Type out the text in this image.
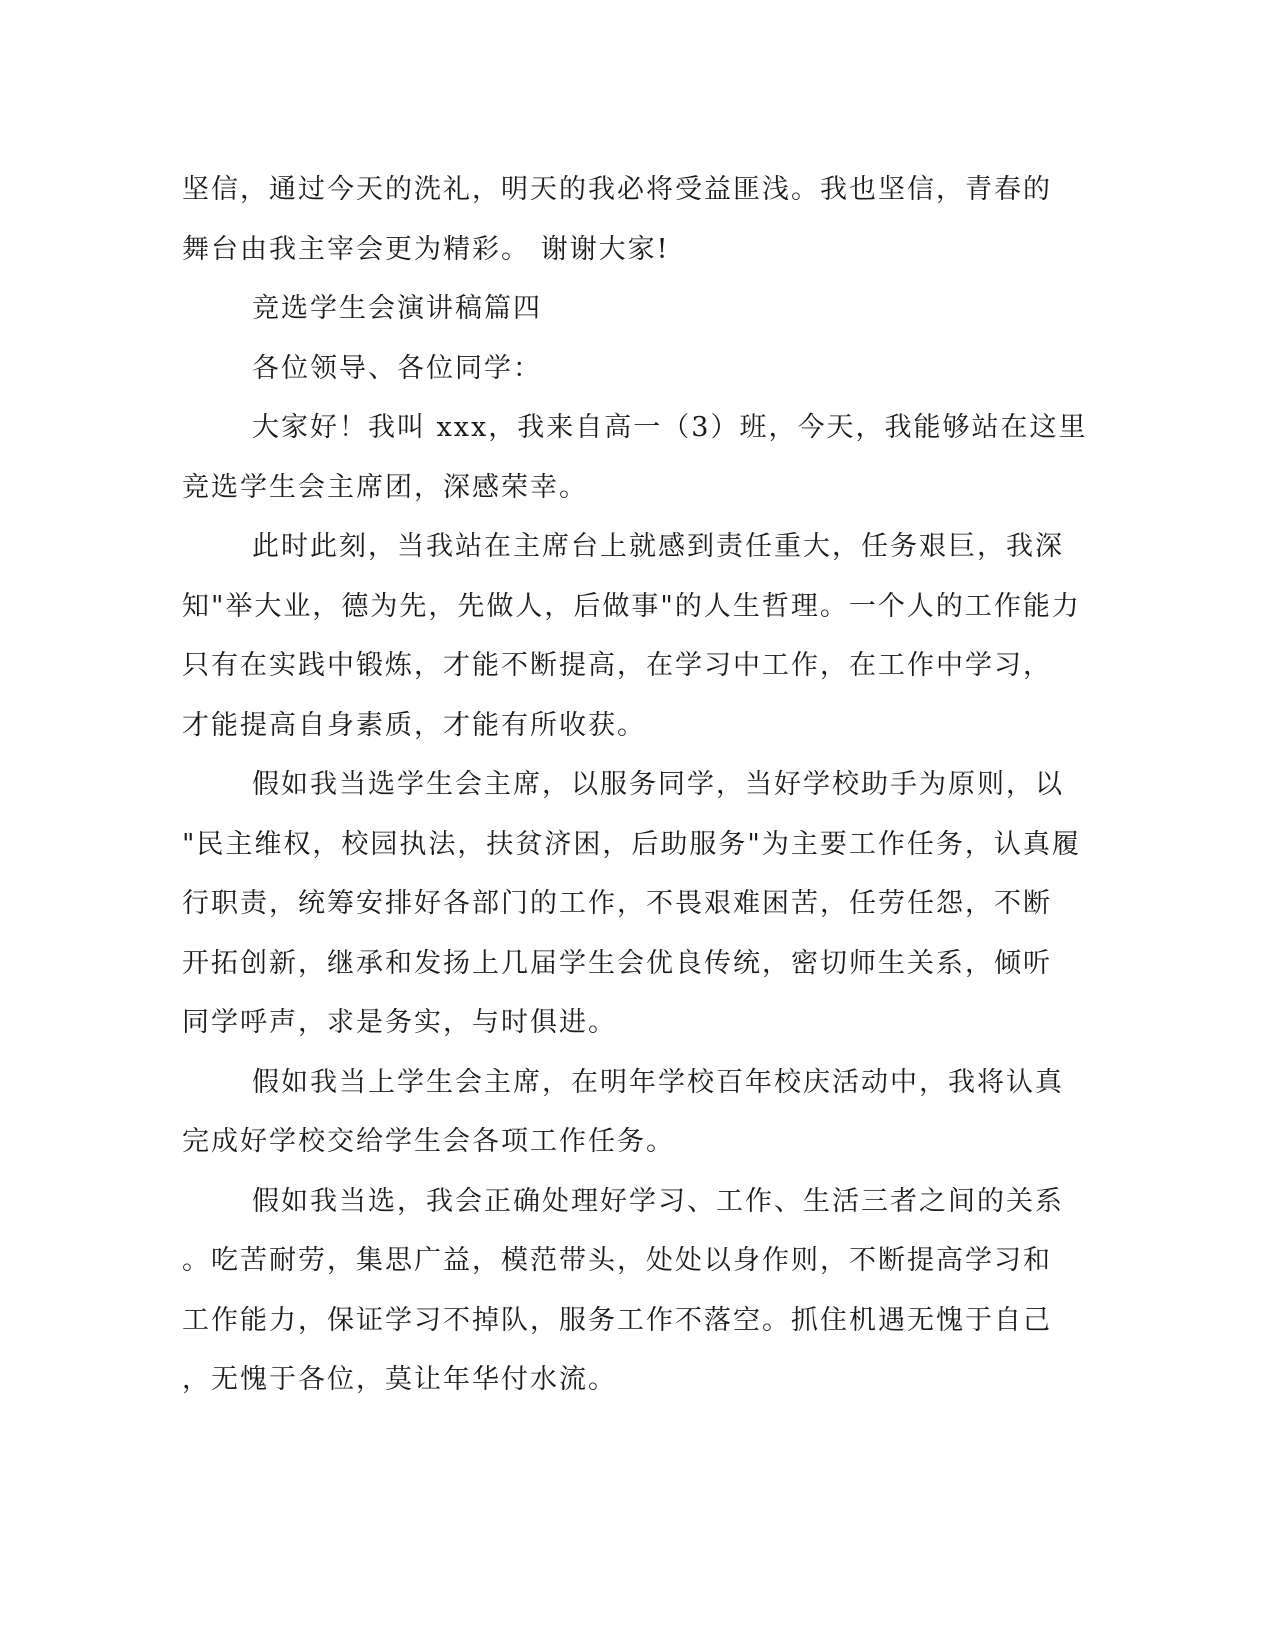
坚信，通过今天的洗礼，明天的我必将受益匪浅。我也坚信，青春的
舞台由我主宰会更为精彩。 谢谢大家!
竞选学生会演讲稿篇四
各位领导、各位同学：
大家好！我叫 xxx，我来自高一（3）班，今天，我能够站在这里
竞选学生会主席团，深感荣幸。
此时此刻，当我站在主席台上就感到责任重大，任务艰巨，我深
知"举大业，德为先，先做人，后做事"的人生哲理。一个人的工作能力
只有在实践中锻炼，才能不断提高，在学习中工作，在工作中学习，
才能提高自身素质，才能有所收获。
假如我当选学生会主席，以服务同学，当好学校助手为原则，以
"民主维权，校园执法，扶贫济困，后助服务"为主要工作任务，认真履
行职责，统筹安排好各部门的工作，不畏艰难困苦，任劳任怨，不断
开拓创新，继承和发扬上几届学生会优良传统，密切师生关系，倾听
同学呼声，求是务实，与时俱进。
假如我当上学生会主席，在明年学校百年校庆活动中，我将认真
完成好学校交给学生会各项工作任务。
假如我当选，我会正确处理好学习、工作、生活三者之间的关系
。吃苦耐劳，集思广益，模范带头，处处以身作则，不断提高学习和
工作能力，保证学习不掉队，服务工作不落空。抓住机遇无愧于自己
，无愧于各位，莫让年华付水流。
